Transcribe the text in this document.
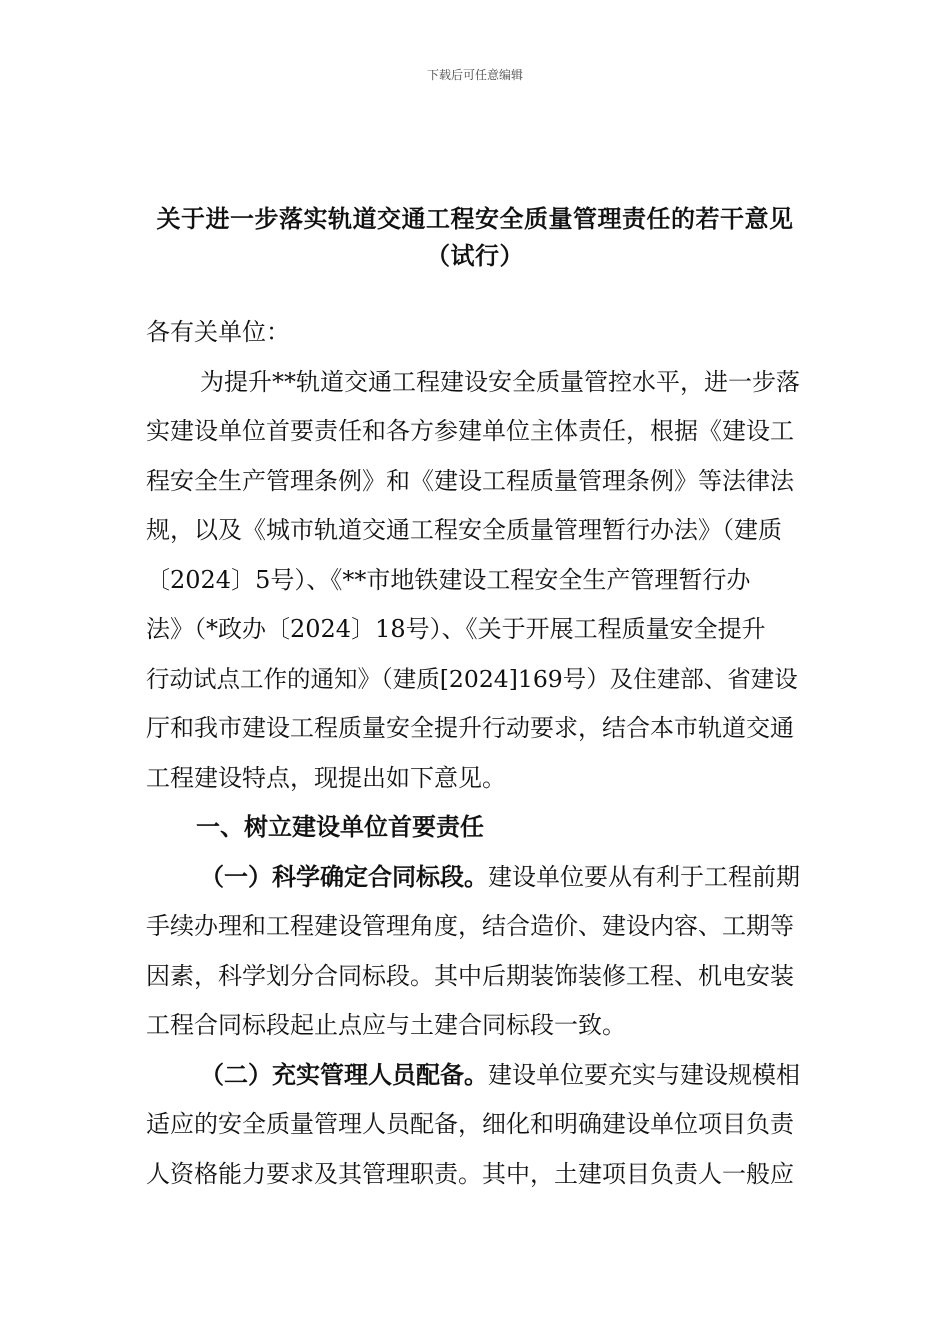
下载后可任意编辑
关于进一步落实轨道交通工程安全质量管理责任的若干意见
（试行）
各有关单位：
为提升**轨道交通工程建设安全质量管控水平，进一步落
实建设单位首要责任和各方参建单位主体责任，根据《建设工
程安全生产管理条例》和《建设工程质量管理条例》等法律法
规，以及《城市轨道交通工程安全质量管理暂行办法》（建质
〔2024〕5号）、《**市地铁建设工程安全生产管理暂行办
法》（*政办〔2024〕18号）、《关于开展工程质量安全提升
行动试点工作的通知》（建质[2024]169号）及住建部、省建设
厅和我市建设工程质量安全提升行动要求，结合本市轨道交通
工程建设特点，现提出如下意见。
一、树立建设单位首要责任
（一）科学确定合同标段。建设单位要从有利于工程前期
手续办理和工程建设管理角度，结合造价、建设内容、工期等
因素，科学划分合同标段。其中后期装饰装修工程、机电安装
工程合同标段起止点应与土建合同标段一致。
（二）充实管理人员配备。建设单位要充实与建设规模相
适应的安全质量管理人员配备，细化和明确建设单位项目负责
人资格能力要求及其管理职责。其中，土建项目负责人一般应
